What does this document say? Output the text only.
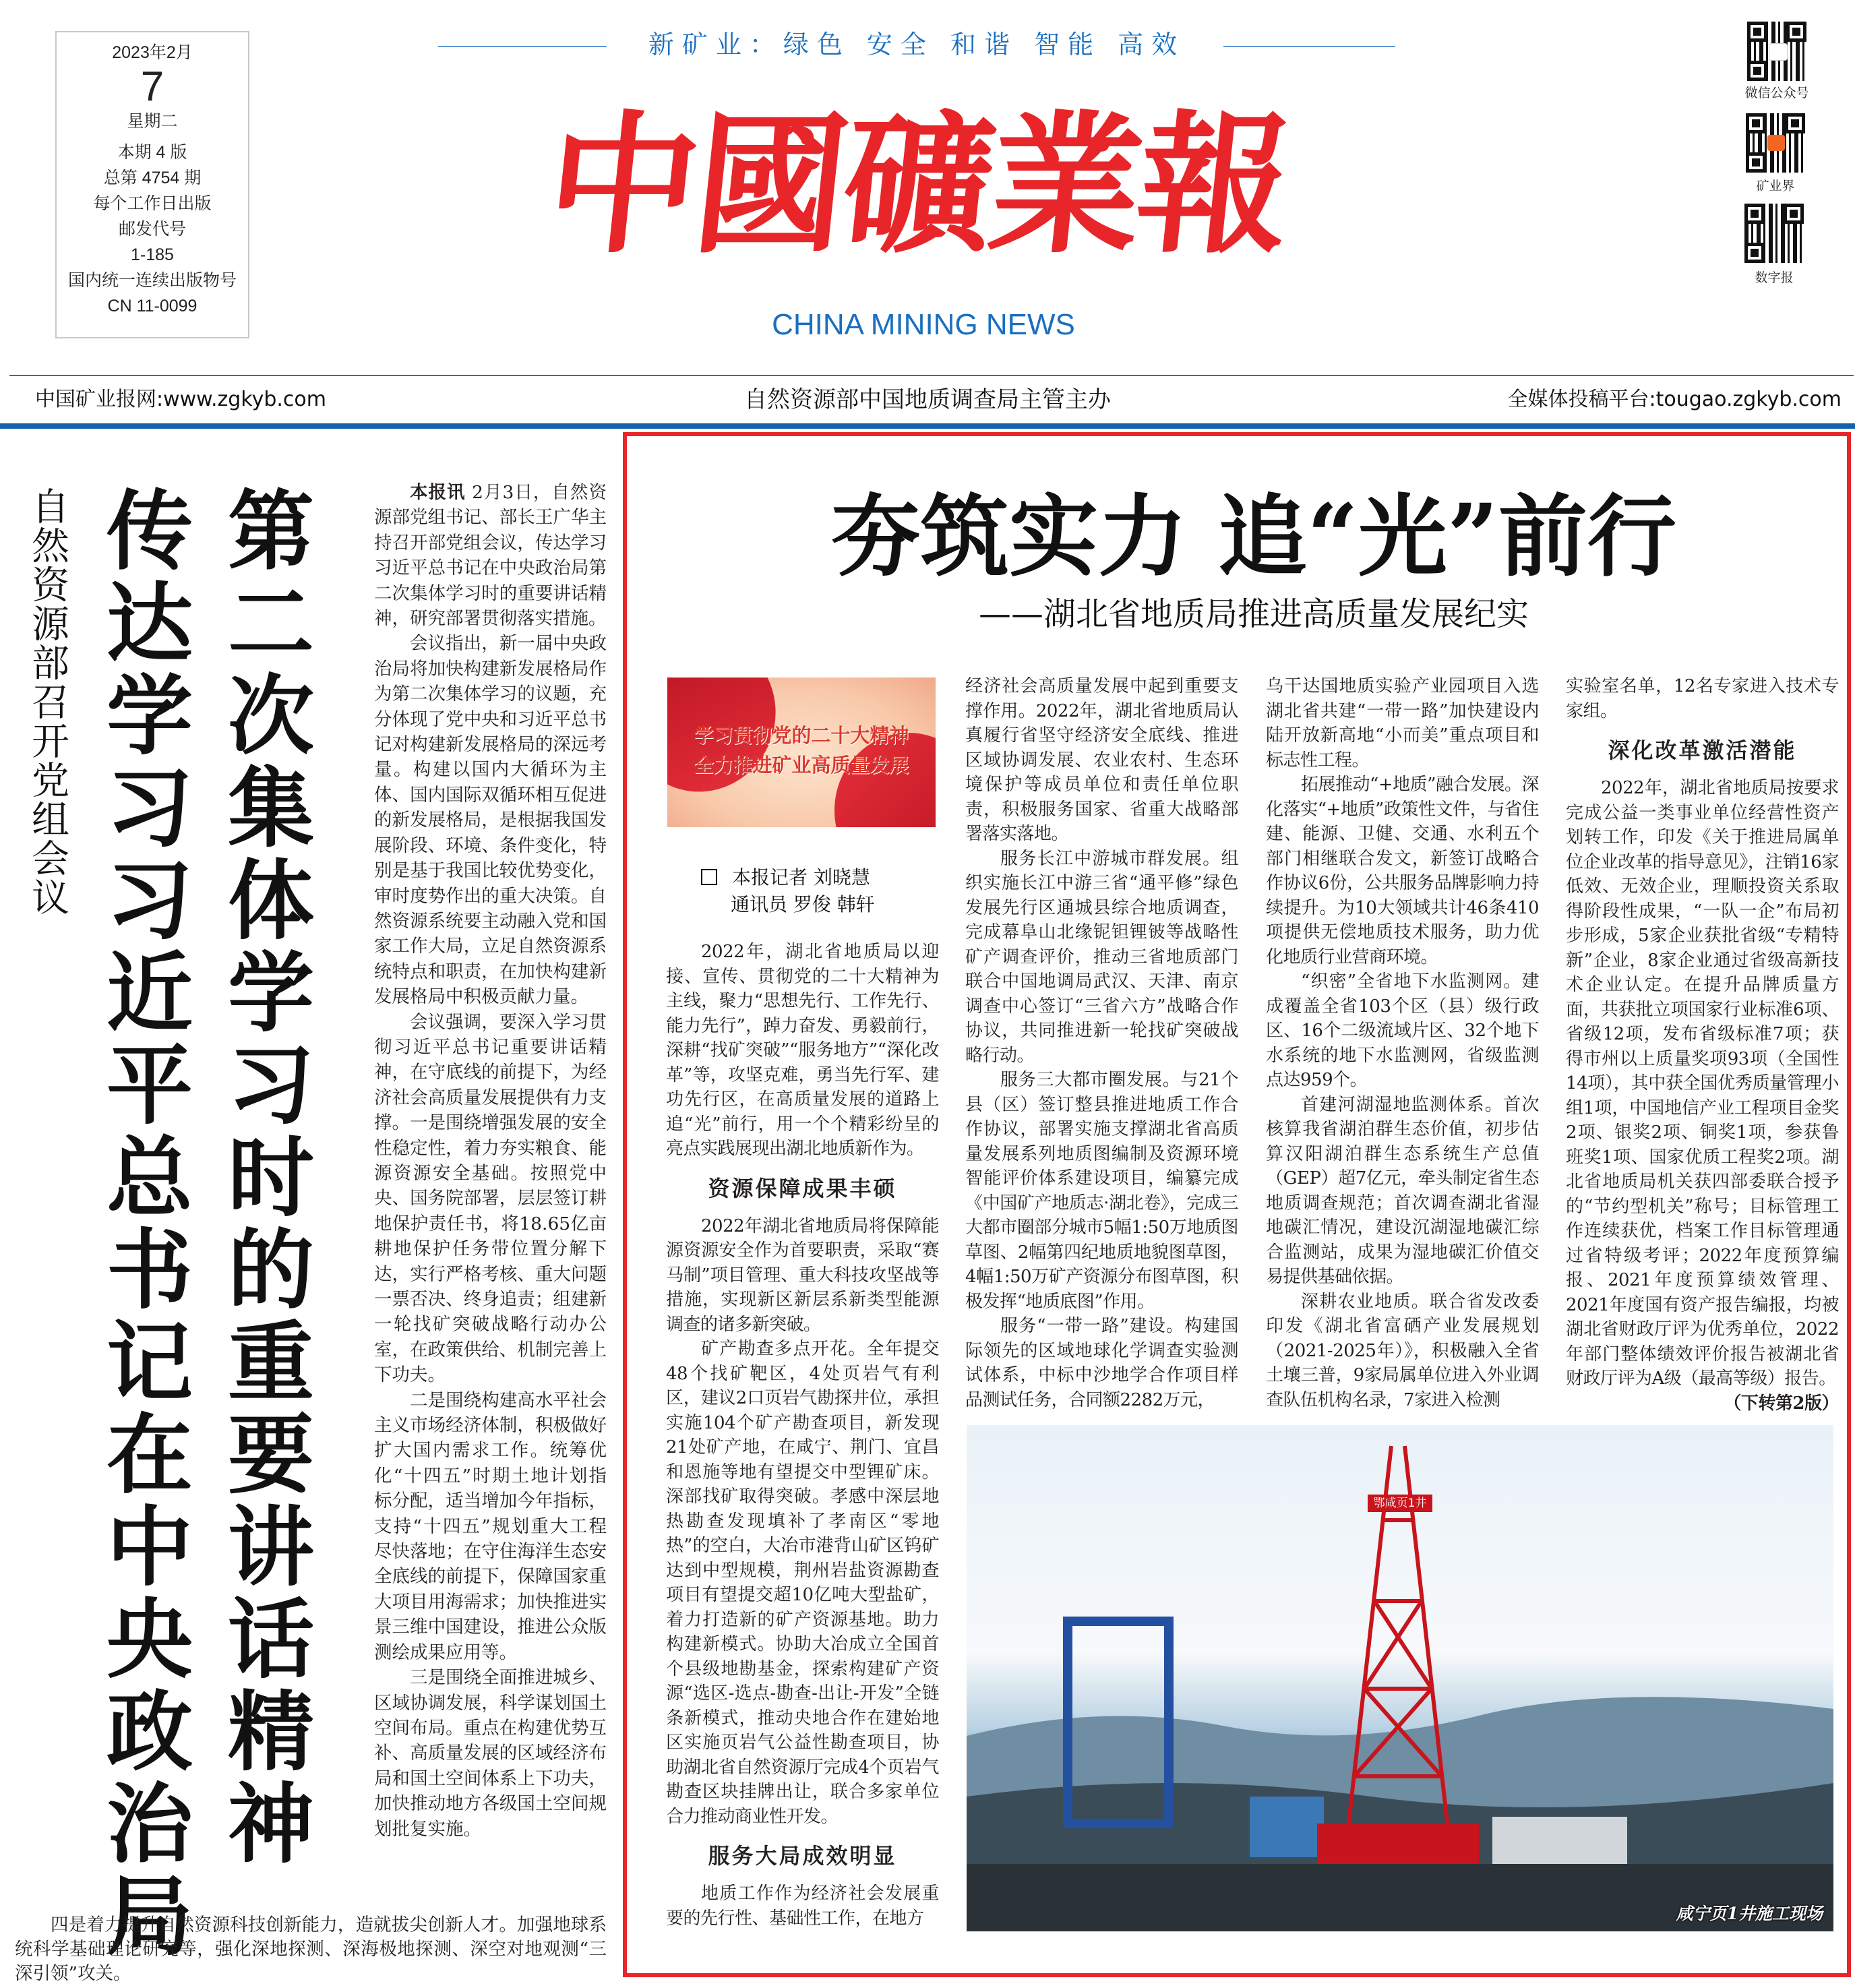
2023年2月

7

星期二

本期 4 版

总第 4754 期

每个工作日出版

邮发代号

1-185

国内统一连续出版物号

CN 11-0099

新矿业：绿色 安全 和谐 智能 高效
中國礦業報
CHINA MINING NEWS
微信公众号
矿业界
数字报
中国矿业报网:www.zgkyb.com	自然资源部中国地质调查局主管主办	全媒体投稿平台:tougao.zgkyb.com
自然资源部召开党组会议 传达学习习近平总书记在中央政治局 第二次集体学习时的重要讲话精神	本报讯 2月3日，自然资源部党组书记、部长王广华主持召开部党组会议，传达学习习近平总书记在中央政治局第二次集体学习时的重要讲话精神，研究部署贯彻落实措施。

会议指出，新一届中央政治局将加快构建新发展格局作为第二次集体学习的议题，充分体现了党中央和习近平总书记对构建新发展格局的深远考量。构建以国内大循环为主体、国内国际双循环相互促进的新发展格局，是根据我国发展阶段、环境、条件变化，特别是基于我国比较优势变化，审时度势作出的重大决策。自然资源系统要主动融入党和国家工作大局，立足自然资源系统特点和职责，在加快构建新发展格局中积极贡献力量。

会议强调，要深入学习贯彻习近平总书记重要讲话精神，在守底线的前提下，为经济社会高质量发展提供有力支撑。一是围绕增强发展的安全性稳定性，着力夯实粮食、能源资源安全基础。按照党中央、国务院部署，层层签订耕地保护责任书，将18.65亿亩耕地保护任务带位置分解下达，实行严格考核、重大问题一票否决、终身追责；组建新一轮找矿突破战略行动办公室，在政策供给、机制完善上下功夫。

二是围绕构建高水平社会主义市场经济体制，积极做好扩大国内需求工作。统筹优化“十四五”时期土地计划指标分配，适当增加今年指标，支持“十四五”规划重大工程尽快落地；在守住海洋生态安全底线的前提下，保障国家重大项目用海需求；加快推进实景三维中国建设，推进公众版测绘成果应用等。

三是围绕全面推进城乡、区域协调发展，科学谋划国土空间布局。重点在构建优势互补、高质量发展的区域经济布局和国土空间体系上下功夫，加快推动地方各级国土空间规划批复实施。

四是着力提升自然资源科技创新能力，造就拔尖创新人才。加强地球系统科学基础理论研究等，强化深地探测、深海极地探测、深空对地观测“三深引领”攻关。

夯筑实力 追“光”前行
——湖北省地质局推进高质量发展纪实
学习贯彻党的二十大精神
全力推进矿业高质量发展
本报记者 刘晓慧
通讯员 罗俊 韩轩

2022年，湖北省地质局以迎接、宣传、贯彻党的二十大精神为主线，聚力“思想先行、工作先行、能力先行”，踔力奋发、勇毅前行，深耕“找矿突破”“服务地方”“深化改革”等，攻坚克难，勇当先行军、建功先行区，在高质量发展的道路上追“光”前行，用一个个精彩纷呈的亮点实践展现出湖北地质新作为。

资源保障成果丰硕

2022年湖北省地质局将保障能源资源安全作为首要职责，采取“赛马制”项目管理、重大科技攻坚战等措施，实现新区新层系新类型能源调查的诸多新突破。

矿产勘查多点开花。全年提交48个找矿靶区，4处页岩气有利区，建议2口页岩气勘探井位，承担实施104个矿产勘查项目，新发现21处矿产地，在咸宁、荆门、宜昌和恩施等地有望提交中型锂矿床。深部找矿取得突破。孝感中深层地热勘查发现填补了孝南区“零地热”的空白，大冶市港背山矿区钨矿达到中型规模，荆州岩盐资源勘查项目有望提交超10亿吨大型盐矿，着力打造新的矿产资源基地。助力构建新模式。协助大冶成立全国首个县级地勘基金，探索构建矿产资源“选区-选点-勘查-出让-开发”全链条新模式，推动央地合作在建始地区实施页岩气公益性勘查项目，协助湖北省自然资源厅完成4个页岩气勘查区块挂牌出让，联合多家单位合力推动商业性开发。

服务大局成效明显

地质工作作为经济社会发展重要的先行性、基础性工作，在地方

经济社会高质量发展中起到重要支撑作用。2022年，湖北省地质局认真履行省坚守经济安全底线、推进区域协调发展、农业农村、生态环境保护等成员单位和责任单位职责，积极服务国家、省重大战略部署落实落地。

服务长江中游城市群发展。组织实施长江中游三省“通平修”绿色发展先行区通城县综合地质调查，完成幕阜山北缘铌钽锂铍等战略性矿产调查评价，推动三省地质部门联合中国地调局武汉、天津、南京调查中心签订“三省六方”战略合作协议，共同推进新一轮找矿突破战略行动。

服务三大都市圈发展。与21个县（区）签订整县推进地质工作合作协议，部署实施支撑湖北省高质量发展系列地质图编制及资源环境智能评价体系建设项目，编纂完成《中国矿产地质志·湖北卷》，完成三大都市圈部分城市5幅1:50万地质图草图、2幅第四纪地质地貌图草图，4幅1:50万矿产资源分布图草图，积极发挥“地质底图”作用。

服务“一带一路”建设。构建国际领先的区域地球化学调查实验测试体系，中标中沙地学合作项目样品测试任务，合同额2282万元，

乌干达国地质实验产业园项目入选湖北省共建“一带一路”加快建设内陆开放新高地“小而美”重点项目和标志性工程。

拓展推动“+地质”融合发展。深化落实“+地质”政策性文件，与省住建、能源、卫健、交通、水利五个部门相继联合发文，新签订战略合作协议6份，公共服务品牌影响力持续提升。为10大领域共计46条410项提供无偿地质技术服务，助力优化地质行业营商环境。

“织密”全省地下水监测网。建成覆盖全省103个区（县）级行政区、16个二级流域片区、32个地下水系统的地下水监测网，省级监测点达959个。

首建河湖湿地监测体系。首次核算我省湖泊群生态价值，初步估算汉阳湖泊群生态系统生产总值（GEP）超7亿元，牵头制定省生态地质调查规范；首次调查湖北省湿地碳汇情况，建设沉湖湿地碳汇综合监测站，成果为湿地碳汇价值交易提供基础依据。

深耕农业地质。联合省发改委印发《湖北省富硒产业发展规划（2021-2025年）》，积极融入全省土壤三普，9家局属单位进入外业调查队伍机构名录，7家进入检测

实验室名单，12名专家进入技术专家组。

深化改革激活潜能

2022年，湖北省地质局按要求完成公益一类事业单位经营性资产划转工作，印发《关于推进局属单位企业改革的指导意见》，注销16家低效、无效企业，理顺投资关系取得阶段性成果，“一队一企”布局初步形成，5家企业获批省级“专精特新”企业，8家企业通过省级高新技术企业认定。在提升品牌质量方面，共获批立项国家行业标准6项、省级12项，发布省级标准7项；获得市州以上质量奖项93项（全国性14项），其中获全国优秀质量管理小组1项，中国地信产业工程项目金奖2项、银奖2项、铜奖1项，参获鲁班奖1项、国家优质工程奖2项。湖北省地质局机关获四部委联合授予的“节约型机关”称号；目标管理工作连续获优，档案工作目标管理通过省特级考评；2022年度预算编报、2021年度预算绩效管理、2021年度国有资产报告编报，均被湖北省财政厅评为优秀单位，2022年部门整体绩效评价报告被湖北省财政厅评为A级（最高等级）报告。
（下转第2版）

鄂咸页1井
咸宁页1井施工现场
